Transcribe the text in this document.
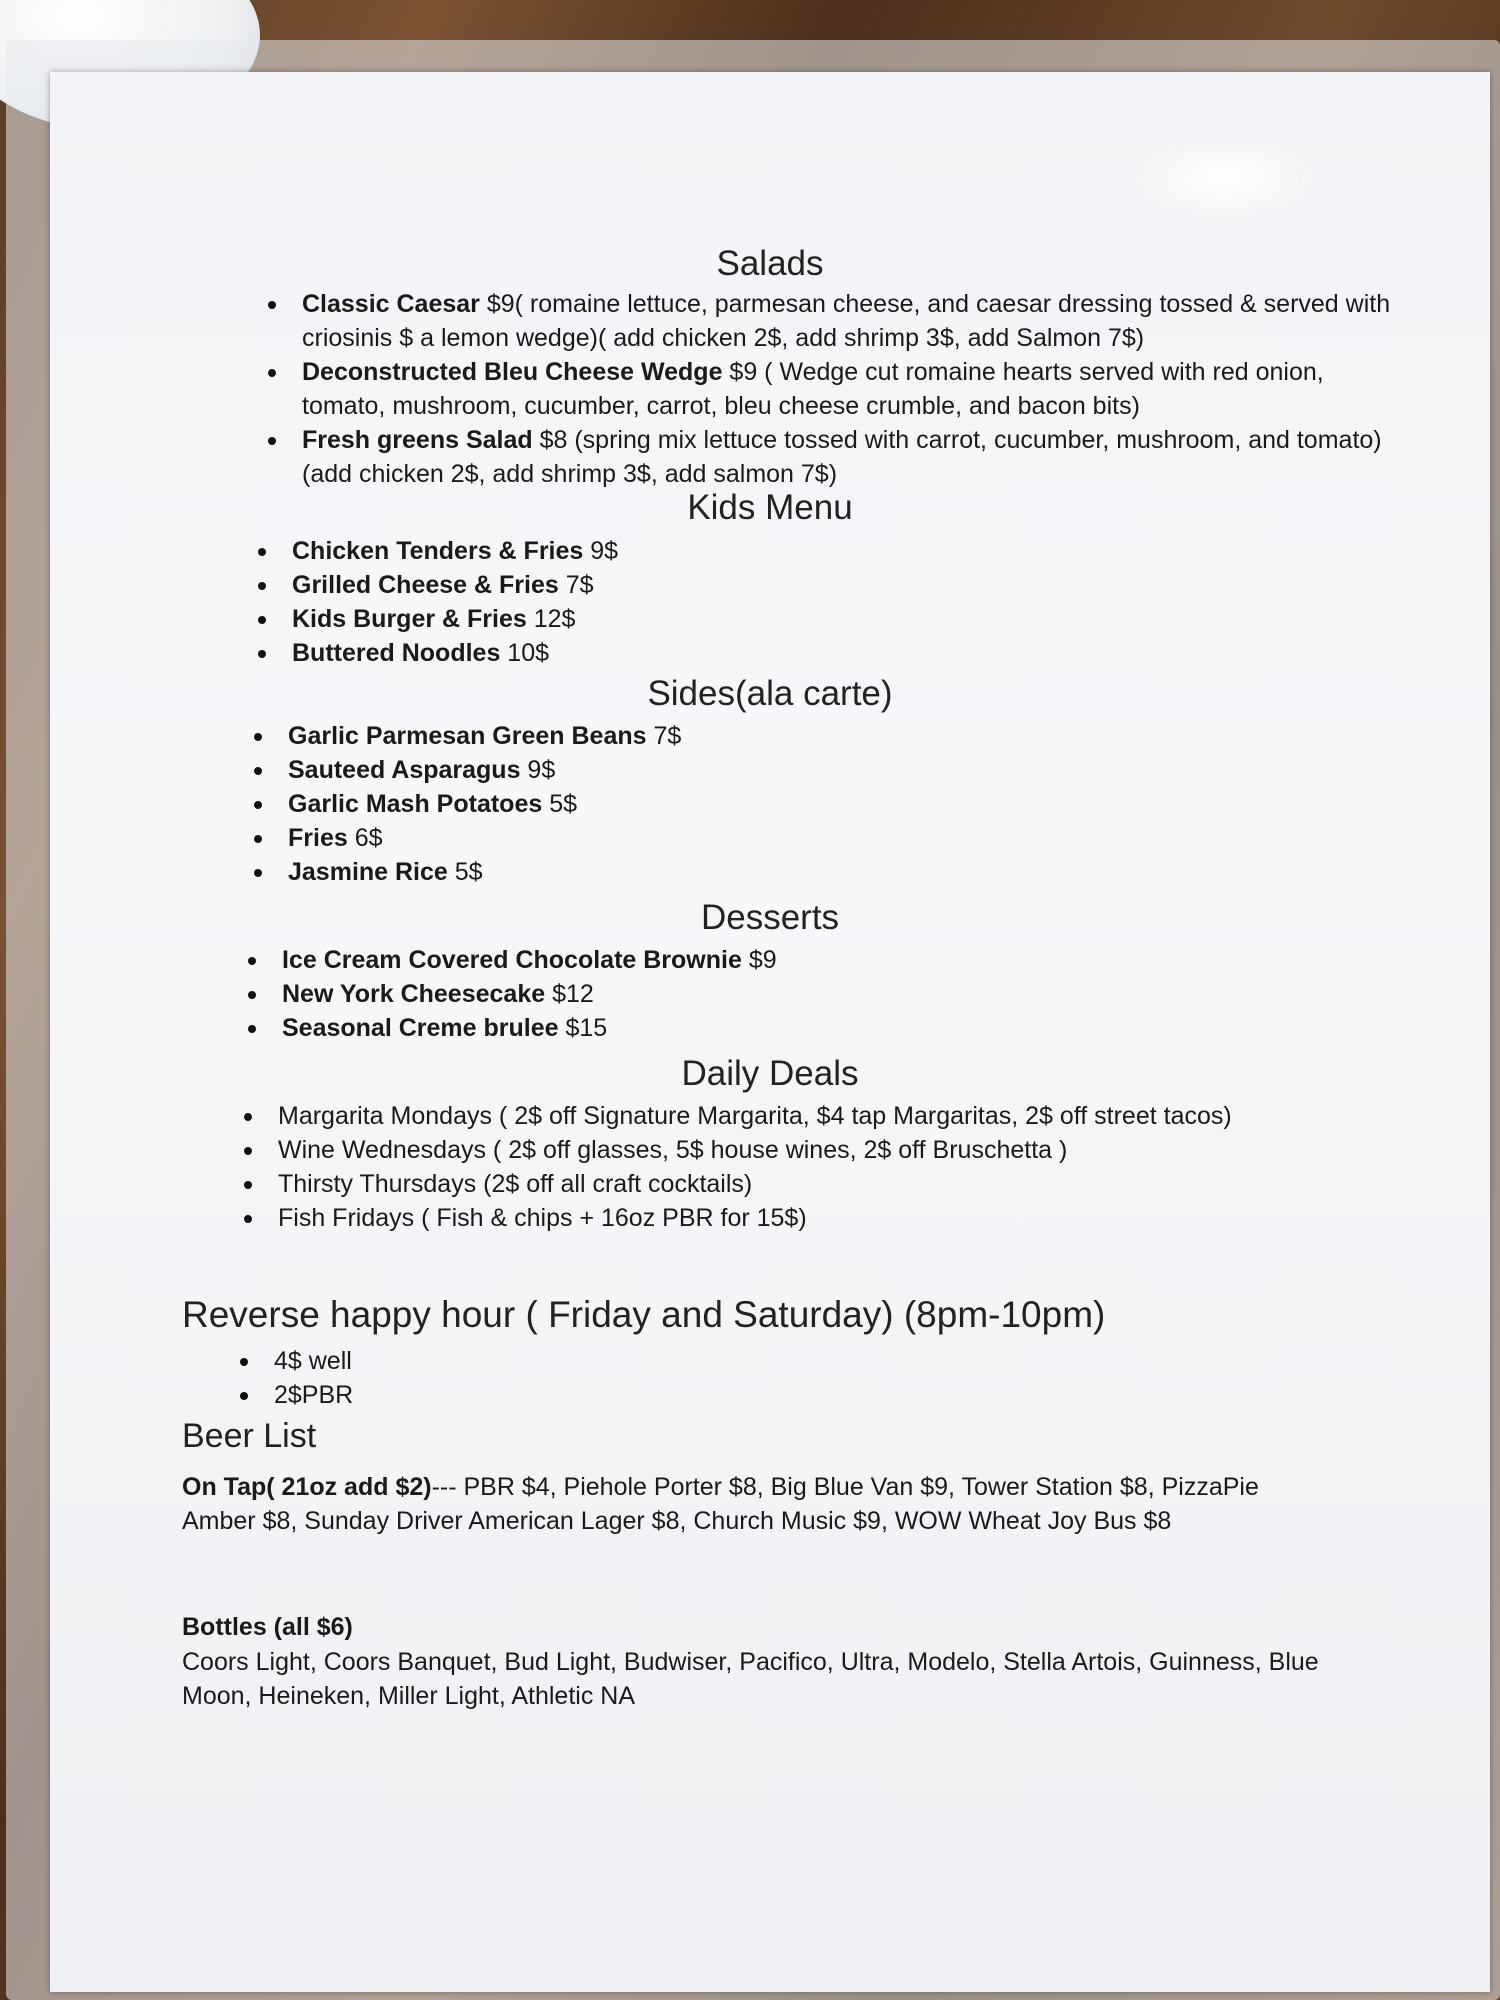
Salads
Classic Caesar $9( romaine lettuce, parmesan cheese, and caesar dressing tossed & served with criosinis $ a lemon wedge)( add chicken 2$, add shrimp 3$, add Salmon 7$)
Deconstructed Bleu Cheese Wedge $9 ( Wedge cut romaine hearts served with red onion, tomato, mushroom, cucumber, carrot, bleu cheese crumble, and bacon bits)
Fresh greens Salad $8 (spring mix lettuce tossed with carrot, cucumber, mushroom, and tomato)(add chicken 2$, add shrimp 3$, add salmon 7$)
Kids Menu
Chicken Tenders & Fries 9$
Grilled Cheese & Fries 7$
Kids Burger & Fries 12$
Buttered Noodles 10$
Sides(ala carte)
Garlic Parmesan Green Beans 7$
Sauteed Asparagus 9$
Garlic Mash Potatoes 5$
Fries 6$
Jasmine Rice 5$
Desserts
Ice Cream Covered Chocolate Brownie $9
New York Cheesecake $12
Seasonal Creme brulee $15
Daily Deals
Margarita Mondays ( 2$ off Signature Margarita, $4 tap Margaritas, 2$ off street tacos)
Wine Wednesdays ( 2$ off glasses, 5$ house wines, 2$ off Bruschetta )
Thirsty Thursdays (2$ off all craft cocktails)
Fish Fridays ( Fish & chips + 16oz PBR for 15$)
Reverse happy hour ( Friday and Saturday) (8pm-10pm)
4$ well
2$PBR
Beer List

On Tap( 21oz add $2)--- PBR $4, Piehole Porter $8, Big Blue Van $9, Tower Station $8, PizzaPie Amber $8, Sunday Driver American Lager $8, Church Music $9, WOW Wheat Joy Bus $8

Bottles (all $6)

Coors Light, Coors Banquet, Bud Light, Budwiser, Pacifico, Ultra, Modelo, Stella Artois, Guinness, Blue Moon, Heineken, Miller Light, Athletic NA
